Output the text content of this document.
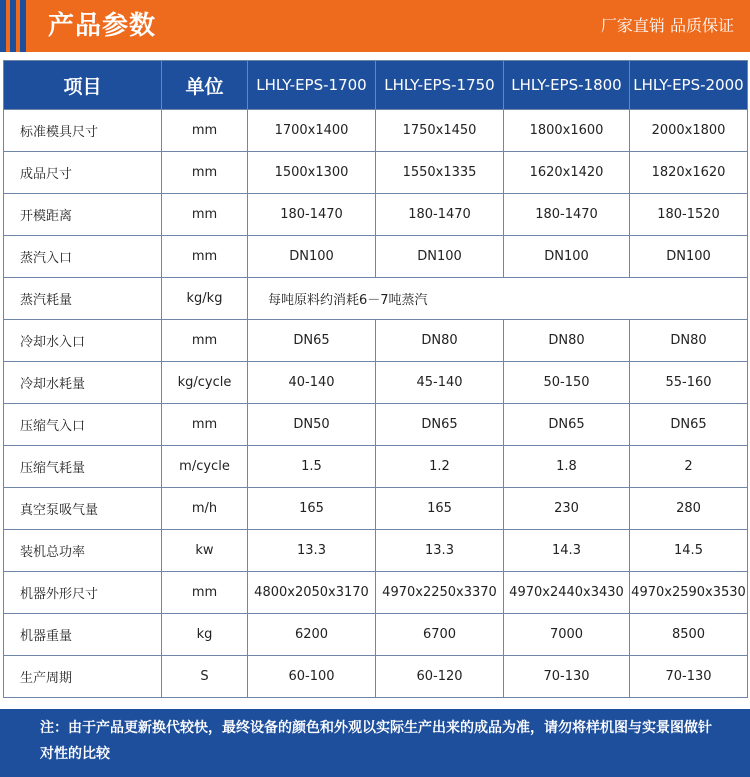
产品参数	厂家直销 品质保证
项目	单位	LHLY-EPS-1700	LHLY-EPS-1750	LHLY-EPS-1800	LHLY-EPS-2000
标准模具尺寸	mm	1700x1400	1750x1450	1800x1600	2000x1800
成品尺寸	mm	1500x1300	1550x1335	1620x1420	1820x1620
开模距离	mm	180-1470	180-1470	180-1470	180-1520
蒸汽入口	mm	DN100	DN100	DN100	DN100
蒸汽耗量	kg/kg	每吨原料约消耗6－7吨蒸汽			
冷却水入口	mm	DN65	DN80	DN80	DN80
冷却水耗量	kg/cycle	40-140	45-140	50-150	55-160
压缩气入口	mm	DN50	DN65	DN65	DN65
压缩气耗量	m/cycle	1.5	1.2	1.8	2
真空泵吸气量	m/h	165	165	230	280
装机总功率	kw	13.3	13.3	14.3	14.5
机器外形尺寸	mm	4800x2050x3170	4970x2250x3370	4970x2440x3430	4970x2590x3530
机器重量	kg	6200	6700	7000	8500
生产周期	S	60-100	60-120	70-130	70-130
注：由于产品更新换代较快，最终设备的颜色和外观以实际生产出来的成品为准，请勿将样机图与实景图做针对性的比较
